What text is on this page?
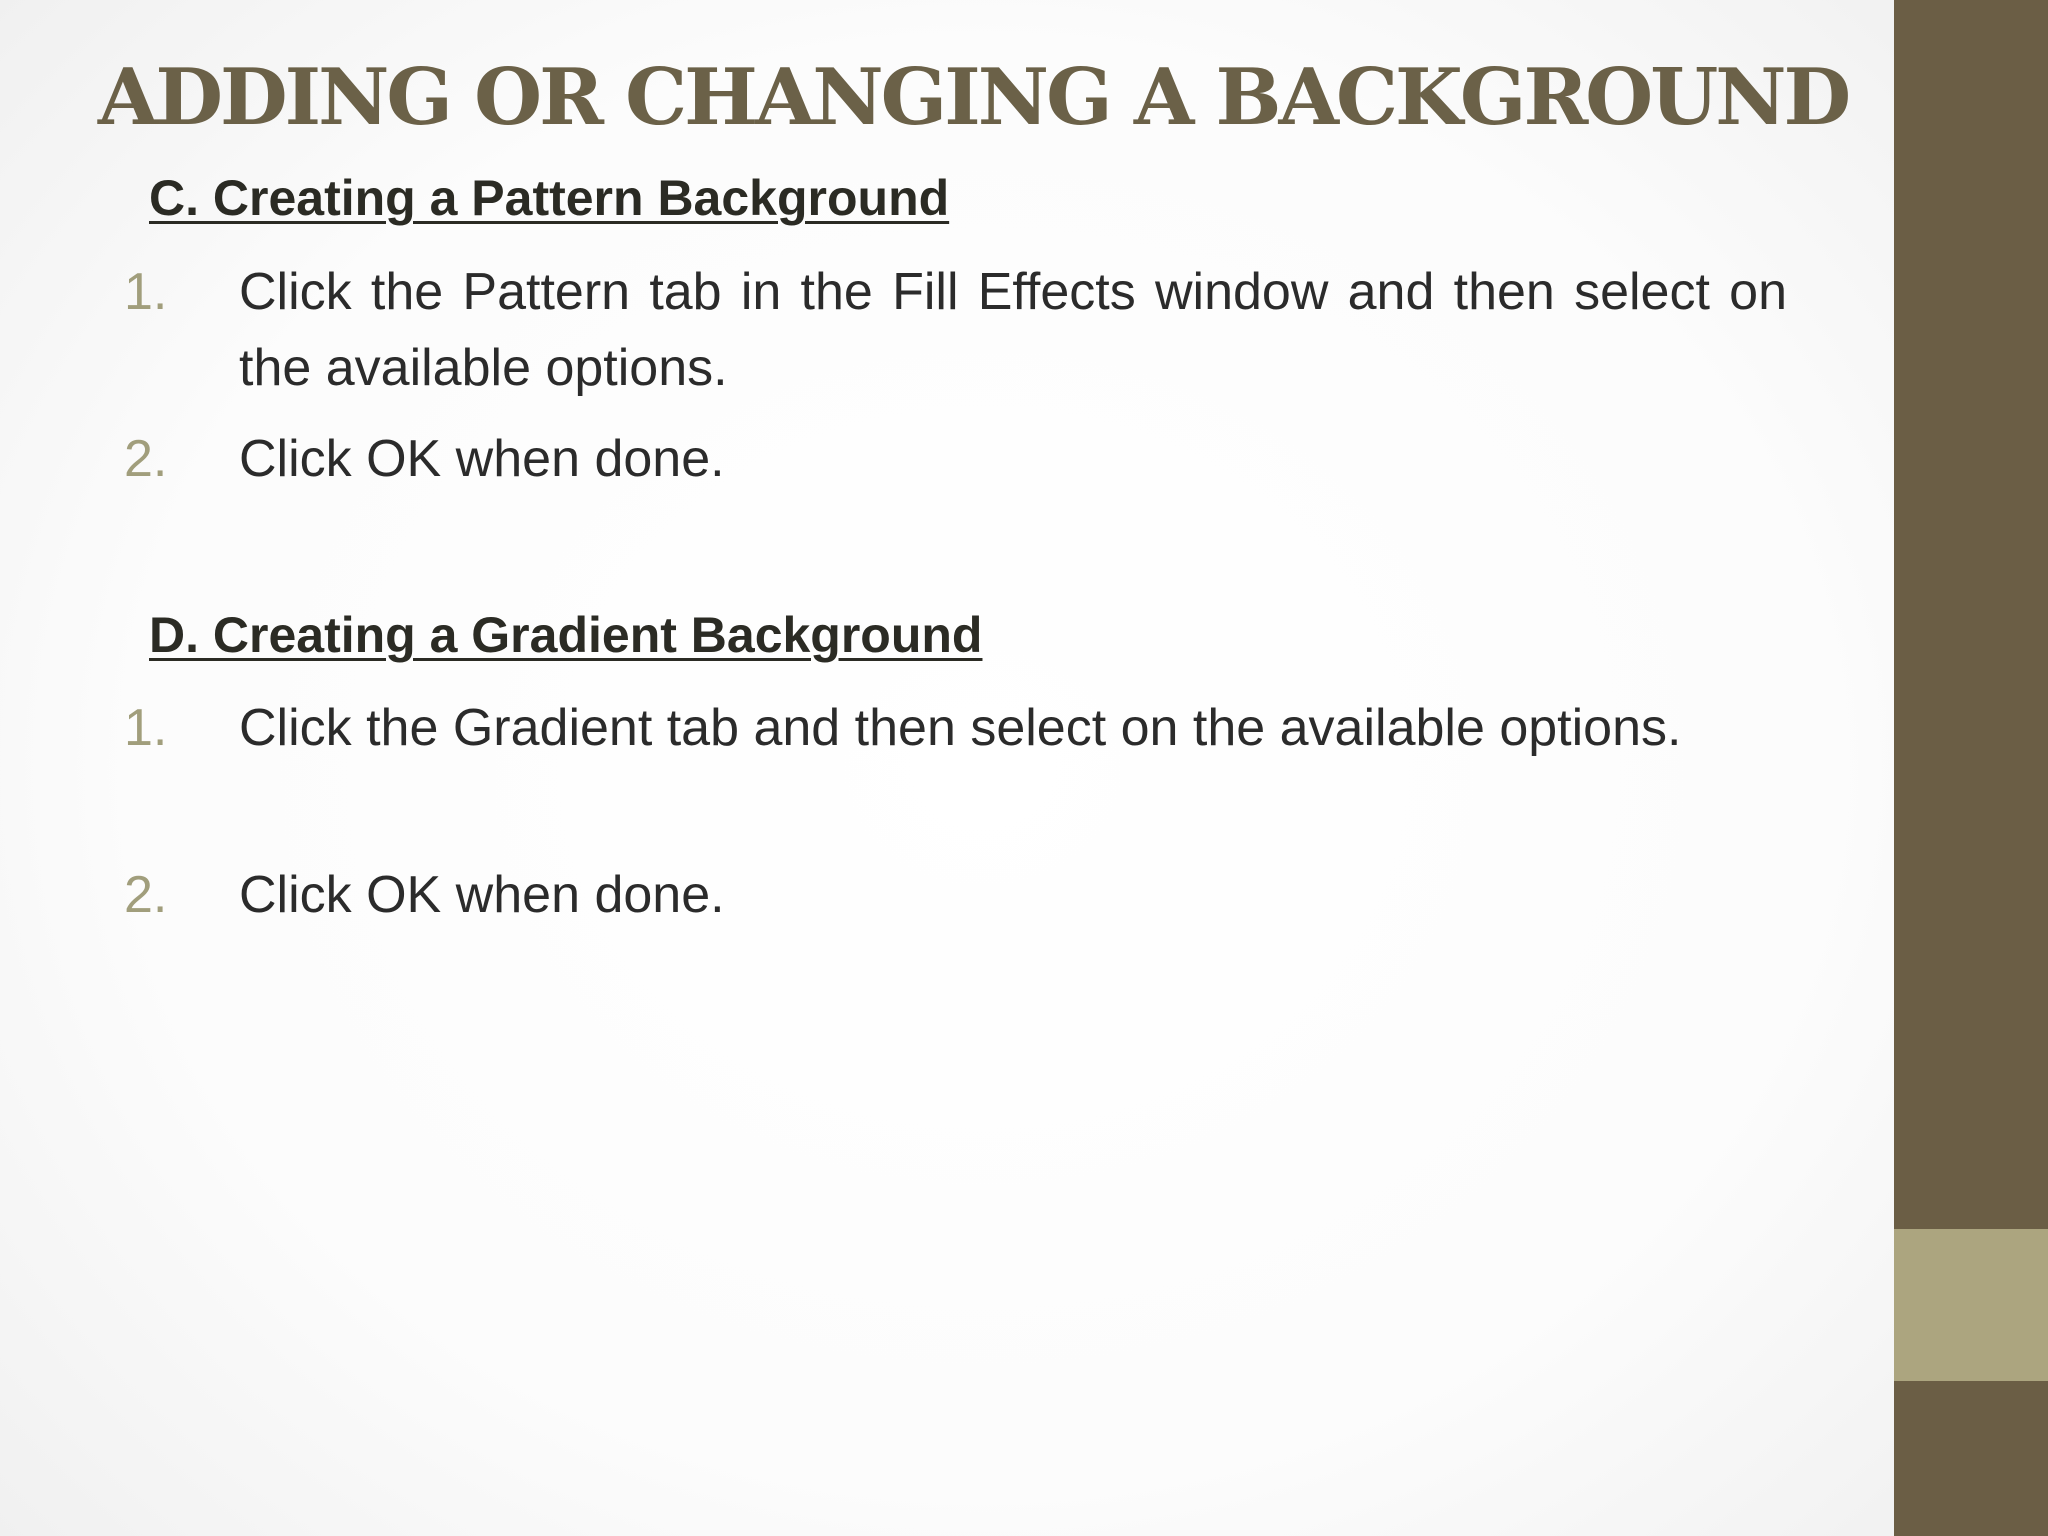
ADDING OR CHANGING A BACKGROUND
C. Creating a Pattern Background
1.	Click the Pattern tab in the Fill Effects window and then select on the available options.
2.	Click OK when done.
D. Creating a Gradient Background
1.	Click the Gradient tab and then select on the available options.
2.	Click OK when done.
